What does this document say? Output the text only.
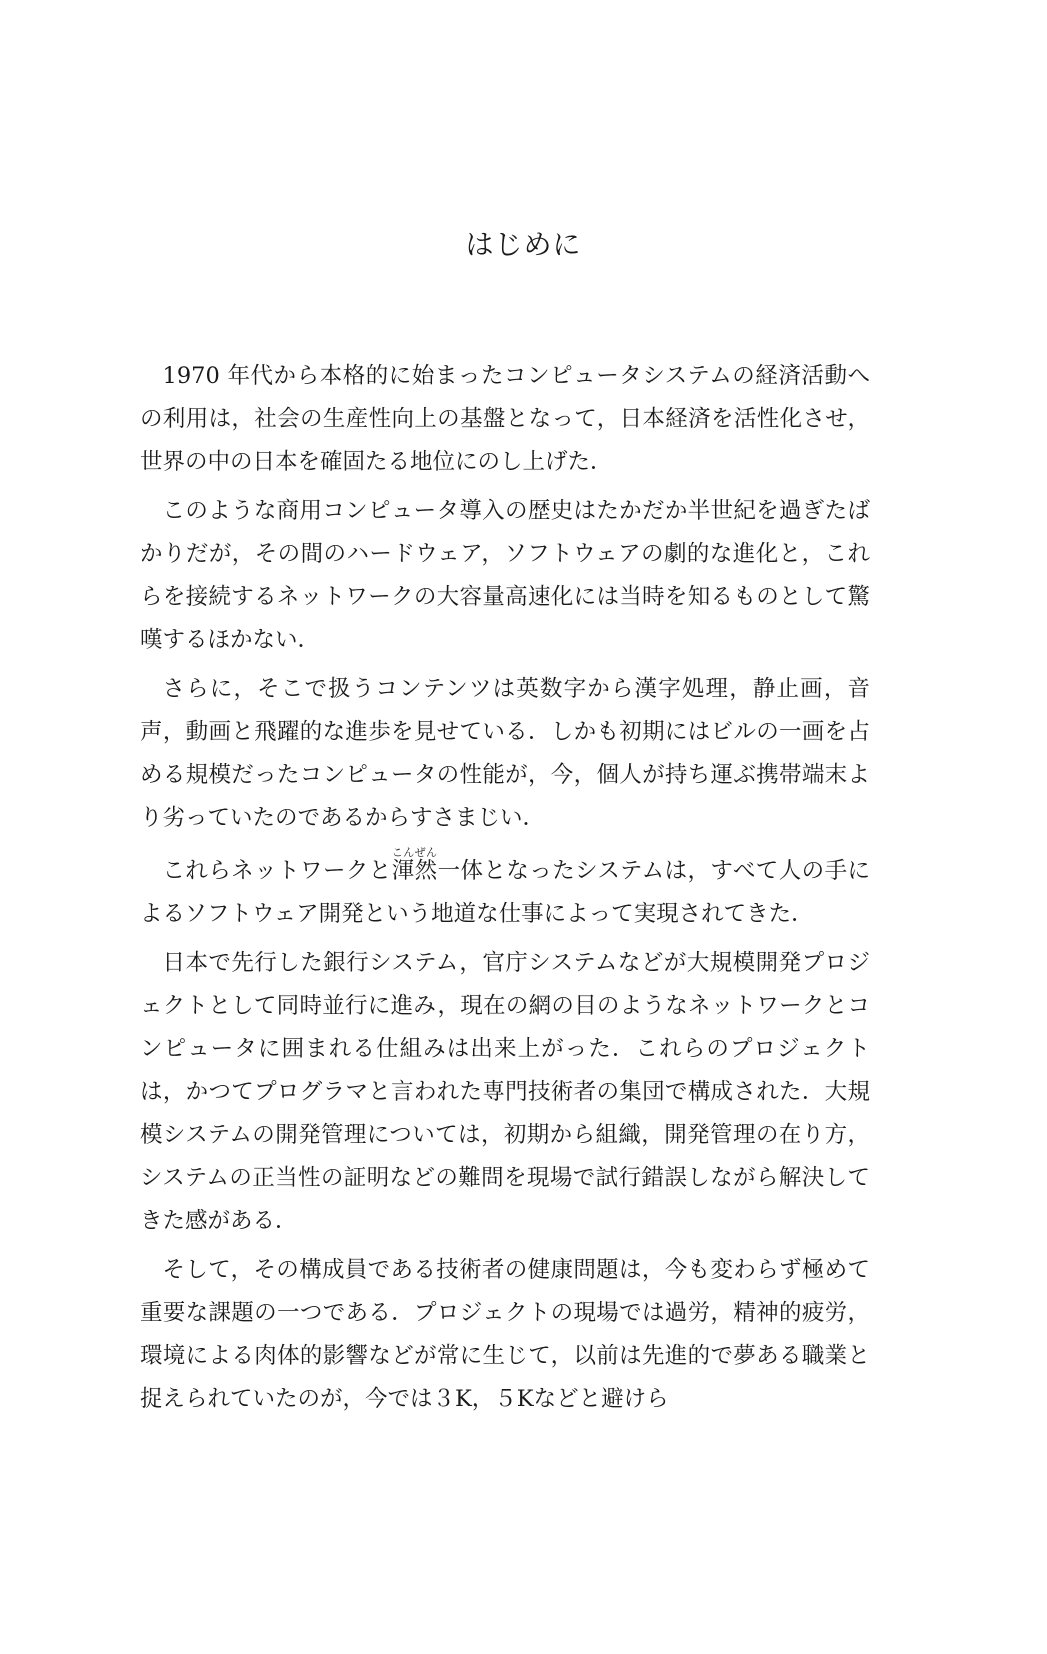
はじめに

1970 年代から本格的に始まったコンピュータシステムの経済活動への利用は，社会の生産性向上の基盤となって，日本経済を活性化させ，世界の中の日本を確固たる地位にのし上げた．

このような商用コンピュータ導入の歴史はたかだか半世紀を過ぎたばかりだが，その間のハードウェア，ソフトウェアの劇的な進化と，これらを接続するネットワークの大容量高速化には当時を知るものとして驚嘆するほかない．

さらに，そこで扱うコンテンツは英数字から漢字処理，静止画，音声，動画と飛躍的な進歩を見せている．しかも初期にはビルの一画を占める規模だったコンピュータの性能が，今，個人が持ち運ぶ携帯端末より劣っていたのであるからすさまじい．

これらネットワークと渾然こんぜん一体となったシステムは，すべて人の手によるソフトウェア開発という地道な仕事によって実現されてきた．

日本で先行した銀行システム，官庁システムなどが大規模開発プロジェクトとして同時並行に進み，現在の網の目のようなネットワークとコンピュータに囲まれる仕組みは出来上がった．これらのプロジェクトは，かつてプログラマと言われた専門技術者の集団で構成された．大規模システムの開発管理については，初期から組織，開発管理の在り方，システムの正当性の証明などの難問を現場で試行錯誤しながら解決してきた感がある．

そして，その構成員である技術者の健康問題は，今も変わらず極めて重要な課題の一つである．プロジェクトの現場では過労，精神的疲労，環境による肉体的影響などが常に生じて，以前は先進的で夢ある職業と捉えられていたのが，今では３K，５Kなどと避けら
